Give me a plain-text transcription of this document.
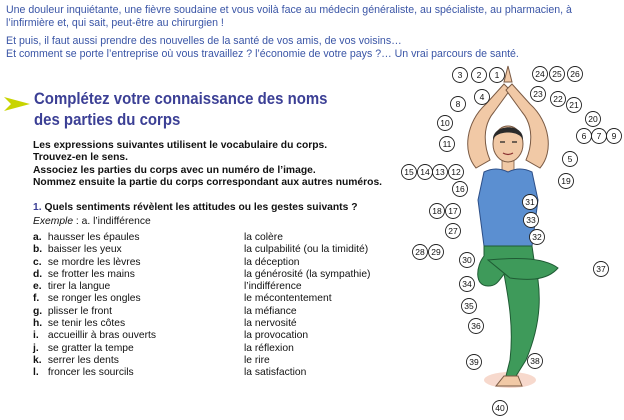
Une douleur inquiétante, une fièvre soudaine et vous voilà face au médecin généraliste, au spécialiste, au pharmacien, à l’infirmière et, qui sait, peut-être au chirurgien !

Et puis, il faut aussi prendre des nouvelles de la santé de vos amis, de vos voisins…
Et comment se porte l’entreprise où vous travaillez ? l’économie de votre pays ?… Un vrai parcours de santé.

Complétez votre connaissance des noms
des parties du corps
Les expressions suivantes utilisent le vocabulaire du corps.
Trouvez-en le sens.
Associez les parties du corps avec un numéro de l’image.
Nommez ensuite la partie du corps correspondant aux autres numéros.
1. Quels sentiments révèlent les attitudes ou les gestes suivants ?
Exemple : a. l’indifférence
a. hausser les épaules
b. baisser les yeux
c. se mordre les lèvres
d. se frotter les mains
e. tirer la langue
f. se ronger les ongles
g. plisser le front
h. se tenir les côtes
i. accueillir à bras ouverts
j. se gratter la tempe
k. serrer les dents
l. froncer les sourcils
la colère
la culpabilité (ou la timidité)
la déception
la générosité (la sympathie)
l’indifférence
le mécontentement
la méfiance
la nervosité
la provocation
la réflexion
le rire
la satisfaction
1
2
3
4
5
6 7
8
9
10
11
12
13
14
15
16
17
18
19
20
21
22
23
24 25 26
27
28 29
30
31
32
33
34
35
36
37
38
39
40
